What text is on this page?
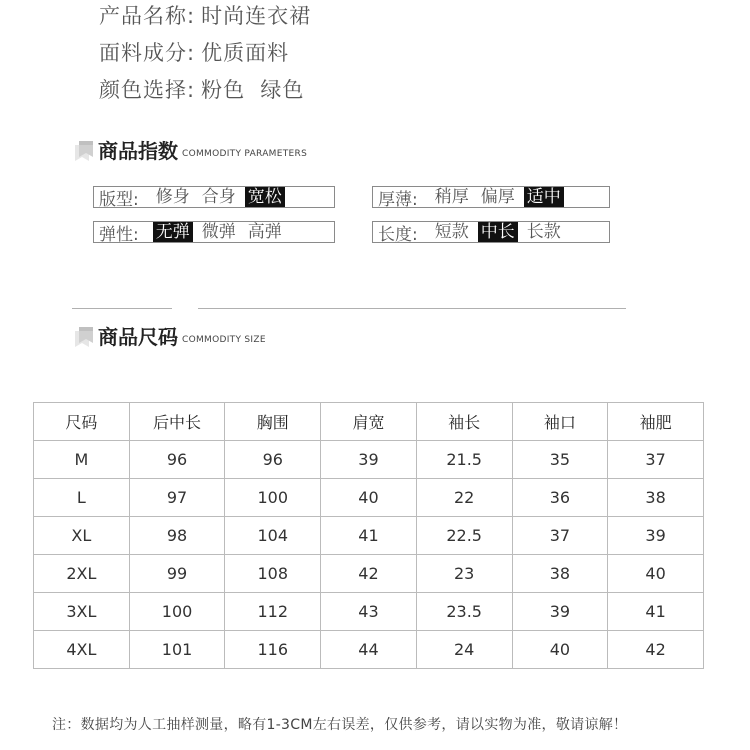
产品名称: 时尚连衣裙
面料成分: 优质面料
颜色选择: 粉色  绿色
商品指数 COMMODITY PARAMETERS
版型: 修身 合身 宽松	厚薄: 稍厚 偏厚 适中
弹性: 无弹 微弹 高弹	长度: 短款 中长 长款
商品尺码 COMMODITY SIZE
尺码	后中长	胸围	肩宽	袖长	袖口	袖肥
M	96	96	39	21.5	35	37
L	97	100	40	22	36	38
XL	98	104	41	22.5	37	39
2XL	99	108	42	23	38	40
3XL	100	112	43	23.5	39	41
4XL	101	116	44	24	40	42
注：数据均为人工抽样测量，略有1-3CM左右误差，仅供参考，请以实物为准，敬请谅解！
